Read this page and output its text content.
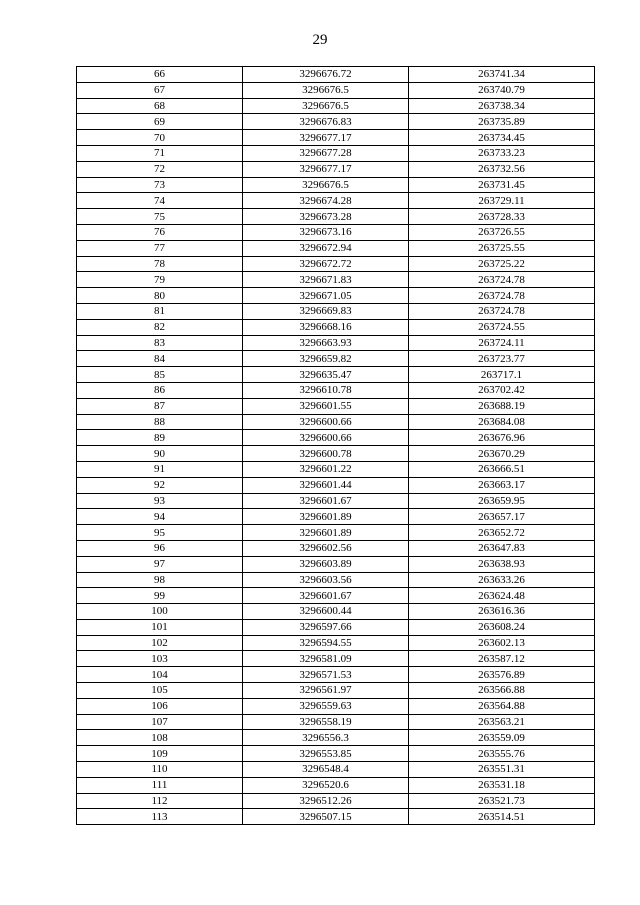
29
66	3296676.72	263741.34
67	3296676.5	263740.79
68	3296676.5	263738.34
69	3296676.83	263735.89
70	3296677.17	263734.45
71	3296677.28	263733.23
72	3296677.17	263732.56
73	3296676.5	263731.45
74	3296674.28	263729.11
75	3296673.28	263728.33
76	3296673.16	263726.55
77	3296672.94	263725.55
78	3296672.72	263725.22
79	3296671.83	263724.78
80	3296671.05	263724.78
81	3296669.83	263724.78
82	3296668.16	263724.55
83	3296663.93	263724.11
84	3296659.82	263723.77
85	3296635.47	263717.1
86	3296610.78	263702.42
87	3296601.55	263688.19
88	3296600.66	263684.08
89	3296600.66	263676.96
90	3296600.78	263670.29
91	3296601.22	263666.51
92	3296601.44	263663.17
93	3296601.67	263659.95
94	3296601.89	263657.17
95	3296601.89	263652.72
96	3296602.56	263647.83
97	3296603.89	263638.93
98	3296603.56	263633.26
99	3296601.67	263624.48
100	3296600.44	263616.36
101	3296597.66	263608.24
102	3296594.55	263602.13
103	3296581.09	263587.12
104	3296571.53	263576.89
105	3296561.97	263566.88
106	3296559.63	263564.88
107	3296558.19	263563.21
108	3296556.3	263559.09
109	3296553.85	263555.76
110	3296548.4	263551.31
111	3296520.6	263531.18
112	3296512.26	263521.73
113	3296507.15	263514.51
